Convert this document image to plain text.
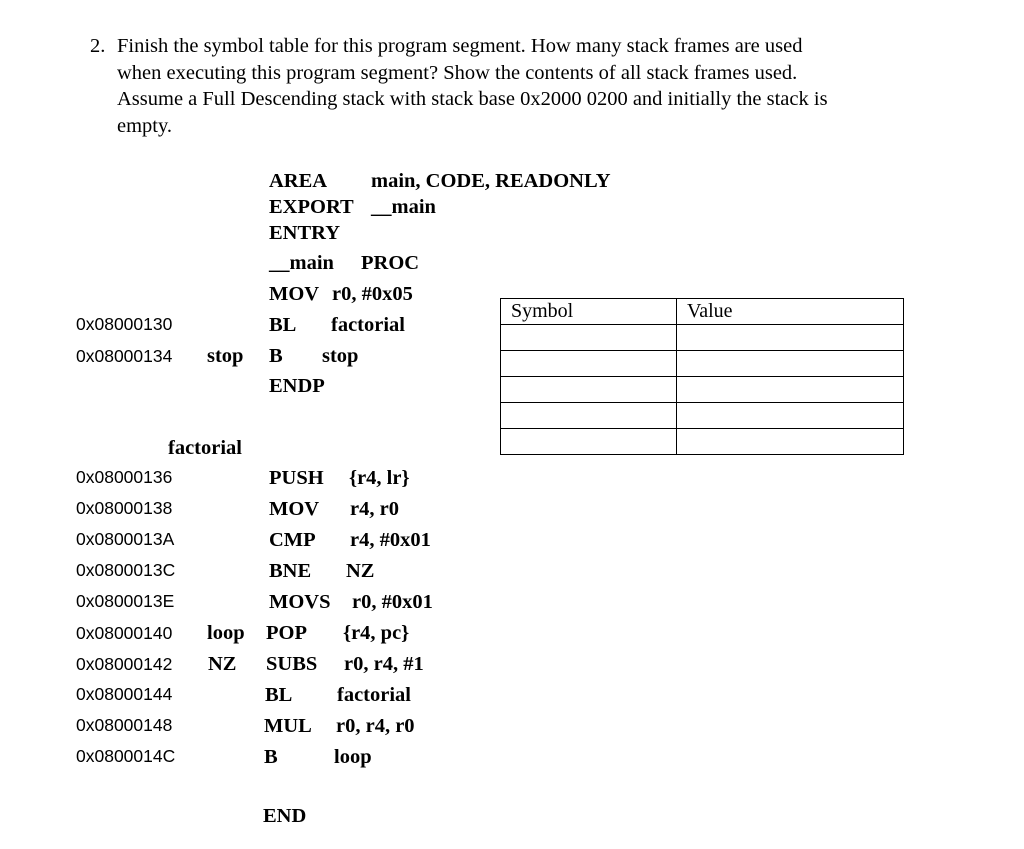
2. Finish the symbol table for this program segment. How many stack frames are used
when executing this program segment? Show the contents of all stack frames used.
Assume a Full Descending stack with stack base 0x2000 0200 and initially the stack is
empty.
AREA main, CODE, READONLY
EXPORT __main
ENTRY
__main PROC
MOV r0, #0x05
0x08000130	BL factorial
0x08000134 stop B stop
ENDP
factorial
0x08000136	PUSH {r4, lr}
0x08000138	MOV r4, r0
0x0800013A	CMP r4, #0x01
0x0800013C	BNE NZ
0x0800013E	MOVS r0, #0x01
0x08000140 loop POP {r4, pc}
0x08000142 NZ SUBS r0, r4, #1
0x08000144	BL factorial
0x08000148	MUL r0, r4, r0
0x0800014C	B	loop
END
Symbol	Value
